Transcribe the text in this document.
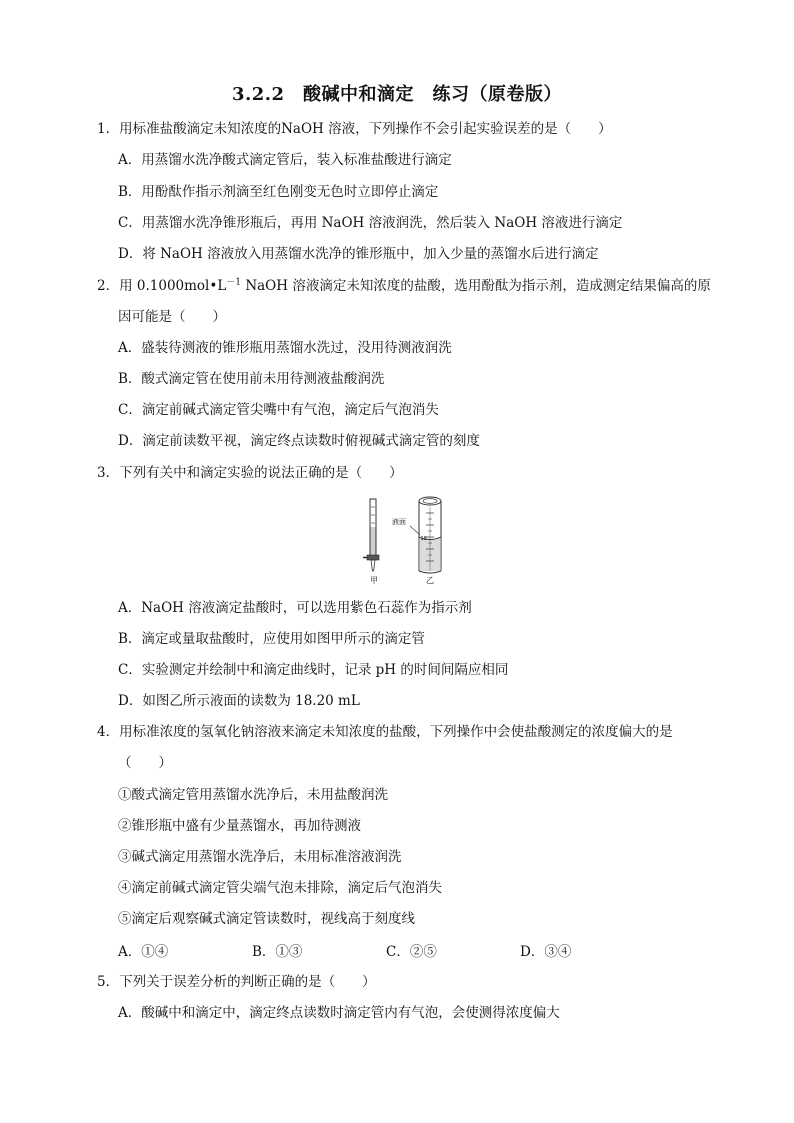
3.2.2　酸碱中和滴定　练习（原卷版）
1．用标准盐酸滴定未知浓度的NaOH 溶液，下列操作不会引起实验误差的是（　　）
A．用蒸馏水洗净酸式滴定管后，装入标准盐酸进行滴定
B．用酚酞作指示剂滴至红色刚变无色时立即停止滴定
C．用蒸馏水洗净锥形瓶后，再用 NaOH 溶液润洗，然后装入 NaOH 溶液进行滴定
D．将 NaOH 溶液放入用蒸馏水洗净的锥形瓶中，加入少量的蒸馏水后进行滴定
2．用 $0.1000mol•L^{-1}$ NaOH 溶液滴定未知浓度的盐酸，选用酚酞为指示剂，造成测定结果偏高的原
因可能是（　　）
A．盛装待测液的锥形瓶用蒸馏水洗过，没用待测液润洗
B．酸式滴定管在使用前未用待测液盐酸润洗
C．滴定前碱式滴定管尖嘴中有气泡，滴定后气泡消失
D．滴定前读数平视，滴定终点读数时俯视碱式滴定管的刻度
3．下列有关中和滴定实验的说法正确的是（　　）
甲
液面
18
乙
A．NaOH 溶液滴定盐酸时，可以选用紫色石蕊作为指示剂
B．滴定或量取盐酸时，应使用如图甲所示的滴定管
C．实验测定并绘制中和滴定曲线时，记录 pH 的时间间隔应相同
D．如图乙所示液面的读数为 18.20 mL
4．用标准浓度的氢氧化钠溶液来滴定未知浓度的盐酸，下列操作中会使盐酸测定的浓度偏大的是
（　　）
①酸式滴定管用蒸馏水洗净后，未用盐酸润洗
②锥形瓶中盛有少量蒸馏水，再加待测液
③碱式滴定用蒸馏水洗净后，未用标准溶液润洗
④滴定前碱式滴定管尖端气泡未排除，滴定后气泡消失
⑤滴定后观察碱式滴定管读数时，视线高于刻度线
A．①④	B．①③	C．②⑤	D．③④
5．下列关于误差分析的判断正确的是（　　）
A．酸碱中和滴定中，滴定终点读数时滴定管内有气泡，会使测得浓度偏大
